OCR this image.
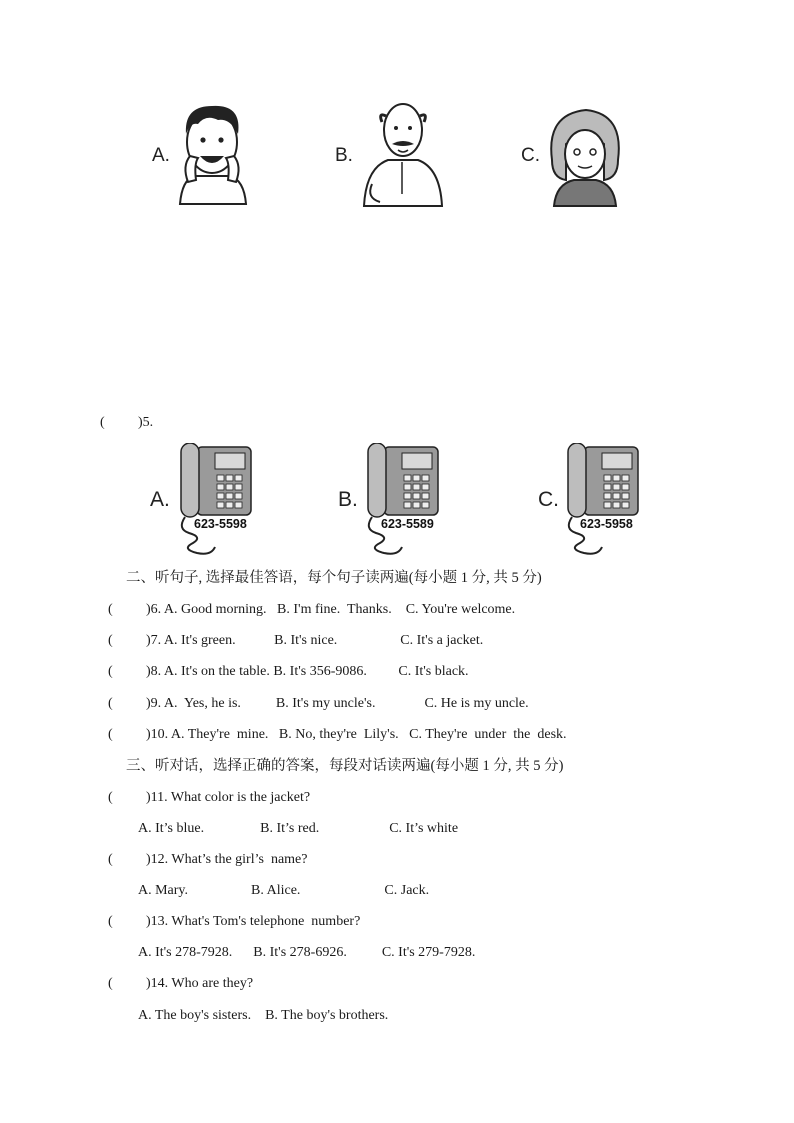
A.	B.	C.
( )5.
A.
623-5598
B.
623-5589
C.
623-5958
二、听句子, 选择最佳答语，每个句子读两遍(每小题 1 分, 共 5 分)
( )6. A. Good morning.   B. I'm fine.  Thanks.    C. You're welcome.
( )7. A. It's green.           B. It's nice.                  C. It's a jacket.
( )8. A. It's on the table. B. It's 356-9086.         C. It's black.
( )9. A.  Yes, he is.          B. It's my uncle's.              C. He is my uncle.
( )10. A. They're  mine.   B. No, they're  Lily's.   C. They're  under  the  desk.
三、听对话，选择正确的答案，每段对话读两遍(每小题 1 分, 共 5 分)
( )11. What color is the jacket?
A. It’s blue.                B. It’s red.                    C. It’s white
( )12. What’s the girl’s  name?
A. Mary.                  B. Alice.                        C. Jack.
( )13. What's Tom's telephone  number?
A. It's 278-7928.      B. It's 278-6926.          C. It's 279-7928.
( )14. Who are they?
A. The boy's sisters.    B. The boy's brothers.
